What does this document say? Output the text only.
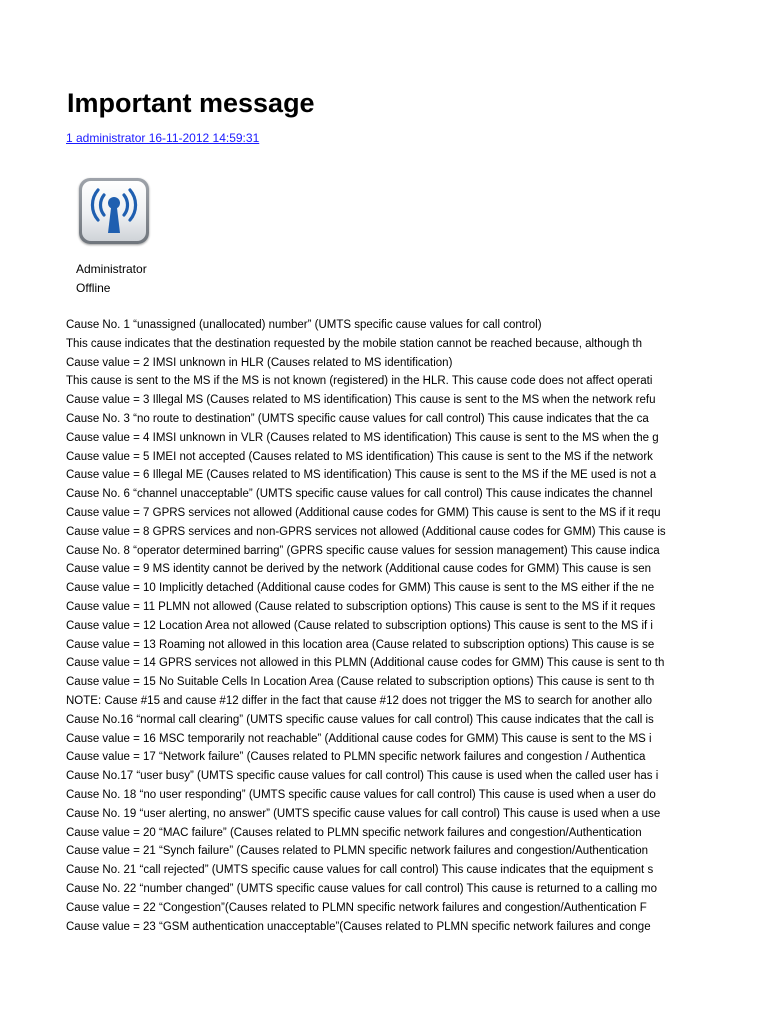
Important message
1 administrator 16-11-2012 14:59:31
Administrator
Offline
Cause No. 1 “unassigned (unallocated) number” (UMTS specific cause values for call control)
This cause indicates that the destination requested by the mobile station cannot be reached because, although th
Cause value = 2 IMSI unknown in HLR (Causes related to MS identification)
This cause is sent to the MS if the MS is not known (registered) in the HLR. This cause code does not affect operati
Cause value = 3 Illegal MS (Causes related to MS identification) This cause is sent to the MS when the network refu
Cause No. 3 “no route to destination” (UMTS specific cause values for call control) This cause indicates that the ca
Cause value = 4 IMSI unknown in VLR (Causes related to MS identification) This cause is sent to the MS when the g
Cause value = 5 IMEI not accepted (Causes related to MS identification) This cause is sent to the MS if the network
Cause value = 6 Illegal ME (Causes related to MS identification) This cause is sent to the MS if the ME used is not a
Cause No. 6 “channel unacceptable” (UMTS specific cause values for call control) This cause indicates the channel
Cause value = 7 GPRS services not allowed (Additional cause codes for GMM) This cause is sent to the MS if it requ
Cause value = 8 GPRS services and non-GPRS services not allowed (Additional cause codes for GMM) This cause is
Cause No. 8 “operator determined barring” (GPRS specific cause values for session management) This cause indica
Cause value = 9 MS identity cannot be derived by the network (Additional cause codes for GMM) This cause is sen
Cause value = 10 Implicitly detached (Additional cause codes for GMM) This cause is sent to the MS either if the ne
Cause value = 11 PLMN not allowed (Cause related to subscription options) This cause is sent to the MS if it reques
Cause value = 12 Location Area not allowed (Cause related to subscription options) This cause is sent to the MS if i
Cause value = 13 Roaming not allowed in this location area (Cause related to subscription options) This cause is se
Cause value = 14 GPRS services not allowed in this PLMN (Additional cause codes for GMM) This cause is sent to th
Cause value = 15 No Suitable Cells In Location Area (Cause related to subscription options) This cause is sent to th
NOTE: Cause #15 and cause #12 differ in the fact that cause #12 does not trigger the MS to search for another allo
Cause No.16 “normal call clearing” (UMTS specific cause values for call control) This cause indicates that the call is
Cause value = 16 MSC temporarily not reachable” (Additional cause codes for GMM) This cause is sent to the MS i
Cause value = 17 “Network failure” (Causes related to PLMN specific network failures and congestion / Authentica
Cause No.17 “user busy” (UMTS specific cause values for call control) This cause is used when the called user has i
Cause No. 18 “no user responding” (UMTS specific cause values for call control) This cause is used when a user do
Cause No. 19 “user alerting, no answer” (UMTS specific cause values for call control) This cause is used when a use
Cause value = 20 “MAC failure” (Causes related to PLMN specific network failures and congestion/Authentication
Cause value = 21 “Synch failure” (Causes related to PLMN specific network failures and congestion/Authentication
Cause No. 21 “call rejected” (UMTS specific cause values for call control) This cause indicates that the equipment s
Cause No. 22 “number changed” (UMTS specific cause values for call control) This cause is returned to a calling mo
Cause value = 22 “Congestion”(Causes related to PLMN specific network failures and congestion/Authentication F
Cause value = 23 “GSM authentication unacceptable”(Causes related to PLMN specific network failures and conge
